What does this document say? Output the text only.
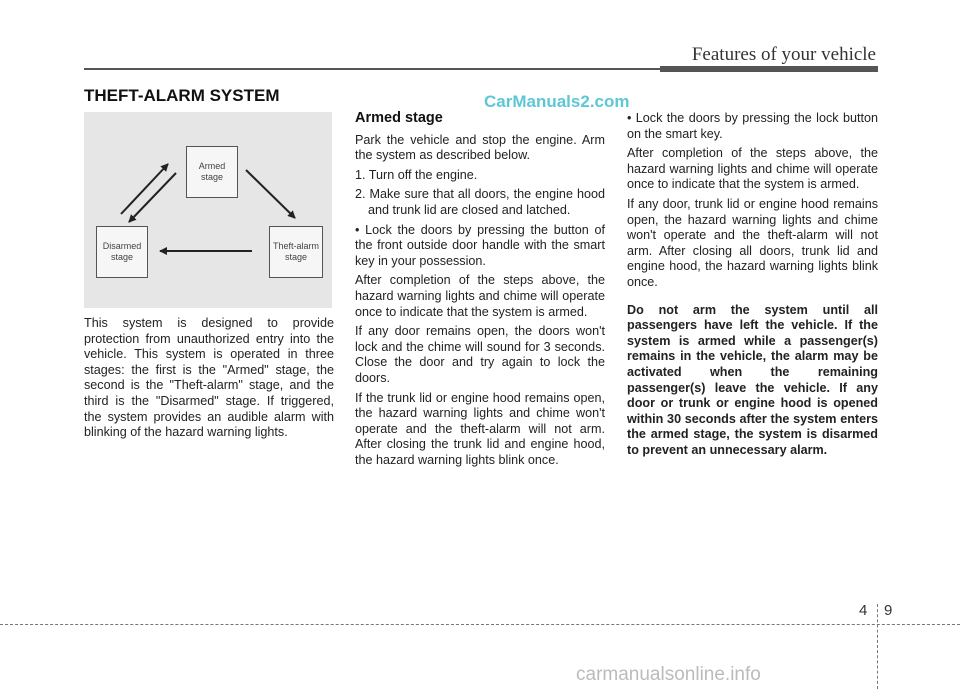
Features of your vehicle
THEFT-ALARM SYSTEM	CarManuals2.com
Armed
stage
Disarmed
stage
Theft-alarm
stage

This system is designed to provide protection from unauthorized entry into the vehicle. This system is operated in three stages: the first is the "Armed" stage, the second is the "Theft-alarm" stage, and the third is the "Disarmed" stage. If triggered, the system provides an audible alarm with blinking of the hazard warning lights.

Armed stage

Park the vehicle and stop the engine. Arm the system as described below.

1. Turn off the engine.

2. Make sure that all doors, the engine hood and trunk lid are closed and latched.

• Lock the doors by pressing the button of the front outside door handle with the smart key in your possession.

After completion of the steps above, the hazard warning lights and chime will operate once to indicate that the system is armed.

If any door remains open, the doors won't lock and the chime will sound for 3 seconds. Close the door and try again to lock the doors.

If the trunk lid or engine hood remains open, the hazard warning lights and chime won't operate and the theft-alarm will not arm. After closing the trunk lid and engine hood, the hazard warning lights blink once.

• Lock the doors by pressing the lock button on the smart key.

After completion of the steps above, the hazard warning lights and chime will operate once to indicate that the system is armed.

If any door, trunk lid or engine hood remains open, the hazard warning lights and chime won't operate and the theft-alarm will not arm. After closing all doors, trunk lid and engine hood, the hazard warning lights blink once.

Do not arm the system until all passengers have left the vehicle. If the system is armed while a passenger(s) remains in the vehicle, the alarm may be activated when the remaining passenger(s) leave the vehicle. If any door or trunk or engine hood is opened within 30 seconds after the system enters the armed stage, the system is disarmed to prevent an unnecessary alarm.

4 9
carmanualsonline.info
